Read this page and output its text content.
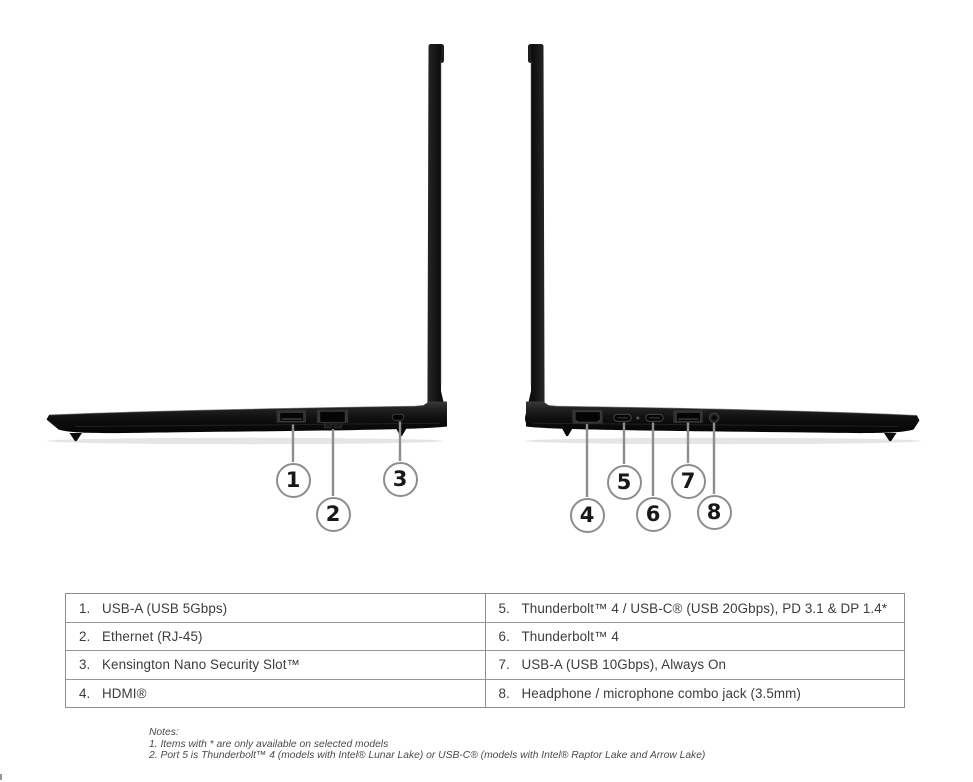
1
2
3
4
5
6
7
8
1. USB-A (USB 5Gbps)
2. Ethernet (RJ-45)
3. Kensington Nano Security Slot™
4. HDMI®
5. Thunderbolt™ 4 / USB-C® (USB 20Gbps), PD 3.1 & DP 1.4*
6. Thunderbolt™ 4
7. USB-A (USB 10Gbps), Always On
8. Headphone / microphone combo jack (3.5mm)
Notes:
1. Items with * are only available on selected models
2. Port 5 is Thunderbolt™ 4 (models with Intel® Lunar Lake) or USB-C® (models with Intel® Raptor Lake and Arrow Lake)
